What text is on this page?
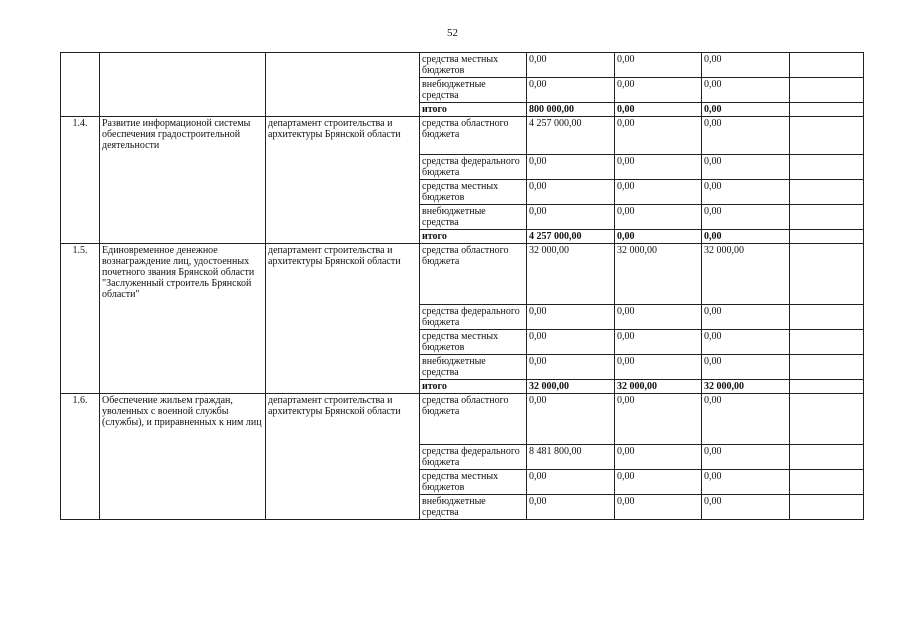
52
			средства местных бюджетов	0,00	0,00	0,00	
			внебюджетные средства	0,00	0,00	0,00	
			итого	800 000,00	0,00	0,00	
1.4.	Развитие информационой системы обеспечения градостроительной деятельности	департамент строительства и архитектуры Брянской области	средства областного бюджета	4 257 000,00	0,00	0,00	
			средства федерального бюджета	0,00	0,00	0,00	
			средства местных бюджетов	0,00	0,00	0,00	
			внебюджетные средства	0,00	0,00	0,00	
			итого	4 257 000,00	0,00	0,00	
1.5.	Единовременное денежное вознаграждение лиц, удостоенных почетного звания Брянской области "Заслуженный строитель Брянской области"	департамент строительства и архитектуры Брянской области	средства областного бюджета	32 000,00	32 000,00	32 000,00	
			средства федерального бюджета	0,00	0,00	0,00	
			средства местных бюджетов	0,00	0,00	0,00	
			внебюджетные средства	0,00	0,00	0,00	
			итого	32 000,00	32 000,00	32 000,00	
1.6.	Обеспечение жильем граждан, уволенных с военной службы (службы), и приравненных к ним лиц	департамент строительства и архитектуры Брянской области	средства областного бюджета	0,00	0,00	0,00	
			средства федерального бюджета	8 481 800,00	0,00	0,00	
			средства местных бюджетов	0,00	0,00	0,00	
			внебюджетные средства	0,00	0,00	0,00	
